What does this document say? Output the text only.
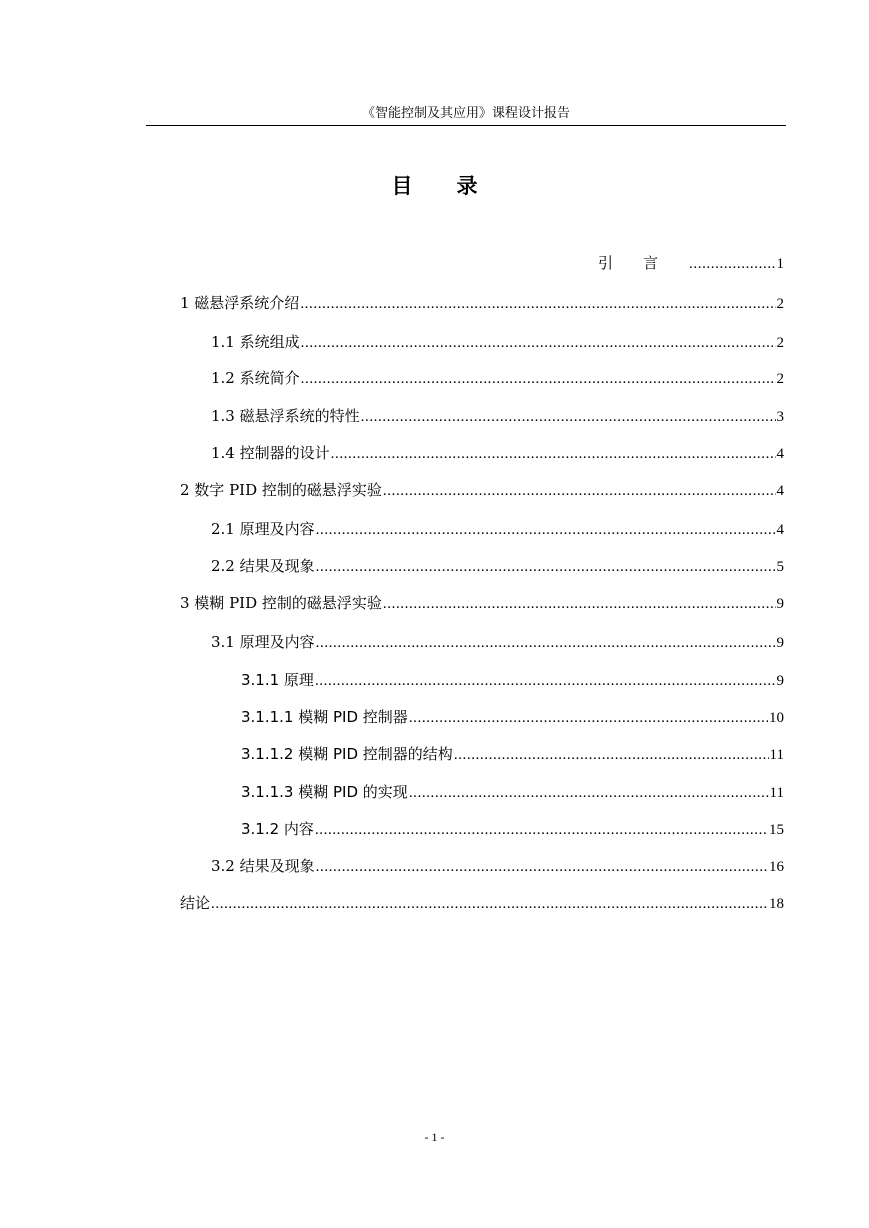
《智能控制及其应用》课程设计报告
目录
引言 .....	1
1 磁悬浮系统介绍 .....	2
1.1 系统组成 .....	2
1.2 系统简介 .....	2
1.3 磁悬浮系统的特性 .....	3
1.4 控制器的设计 .....	4
2 数字 PID 控制的磁悬浮实验 .....	4
2.1 原理及内容 .....	4
2.2 结果及现象 .....	5
3 模糊 PID 控制的磁悬浮实验 .....	9
3.1 原理及内容 .....	9
3.1.1 原理 .....	9
3.1.1.1 模糊 PID 控制器 .....	10
3.1.1.2 模糊 PID 控制器的结构 .....	11
3.1.1.3 模糊 PID 的实现 .....	11
3.1.2 内容 .....	15
3.2 结果及现象 .....	16
结论 .....	18
- 1 -
